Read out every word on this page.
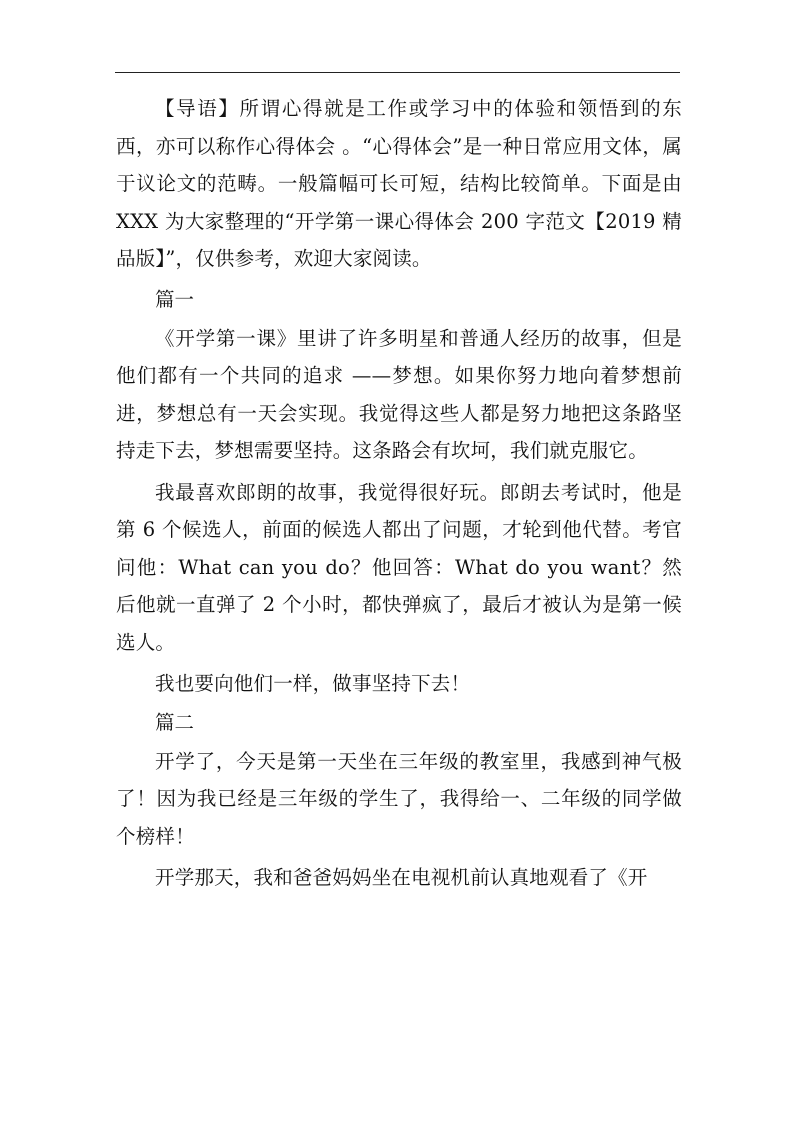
【导语】所谓心得就是工作或学习中的体验和领悟到的东西，亦可以称作心得体会 。“心得体会”是一种日常应用文体，属于议论文的范畴。一般篇幅可长可短，结构比较简单。下面是由 XXX 为大家整理的“开学第一课心得体会 200 字范文【2019 精品版】”，仅供参考，欢迎大家阅读。

篇一

《开学第一课》里讲了许多明星和普通人经历的故事，但是他们都有一个共同的追求 ——梦想。如果你努力地向着梦想前进，梦想总有一天会实现。我觉得这些人都是努力地把这条路坚持走下去，梦想需要坚持。这条路会有坎坷，我们就克服它。

我最喜欢郎朗的故事，我觉得很好玩。郎朗去考试时，他是第 6 个候选人，前面的候选人都出了问题，才轮到他代替。考官问他：What can you do？他回答：What do you want？然后他就一直弹了 2 个小时，都快弹疯了，最后才被认为是第一候选人。

我也要向他们一样，做事坚持下去！

篇二

开学了，今天是第一天坐在三年级的教室里，我感到神气极了！因为我已经是三年级的学生了，我得给一、二年级的同学做个榜样！

开学那天，我和爸爸妈妈坐在电视机前认真地观看了《开
